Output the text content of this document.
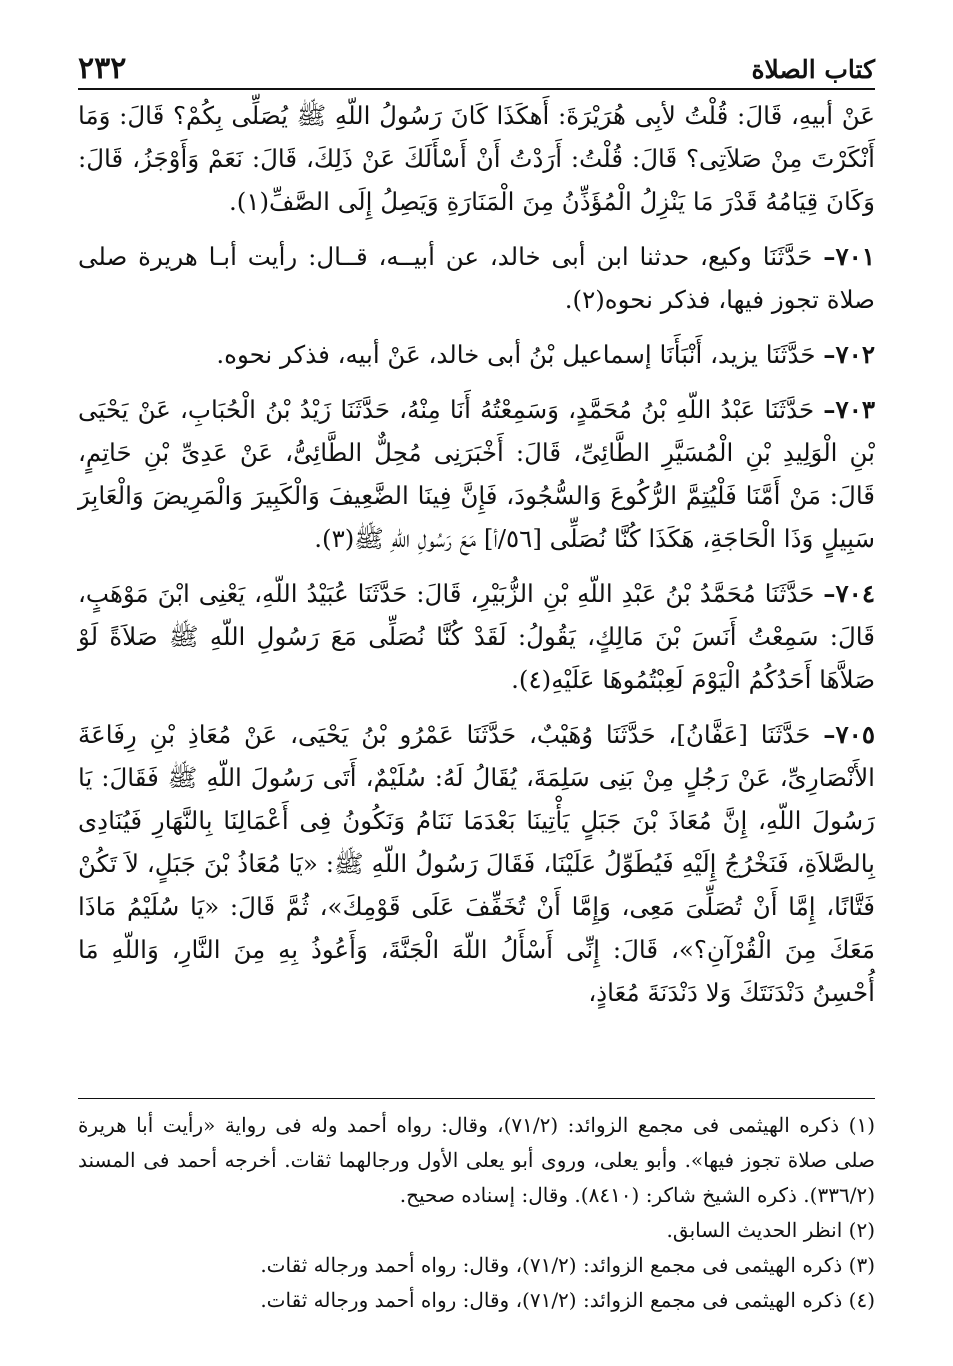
كتاب الصلاة
٢٣٢

عَنْ أبيهِ، قَالَ: قُلْتُ لأبِى هُرَيْرَةَ: أَهكَذَا كَانَ رَسُولُ اللّهِ ﷺ يُصَلِّى بِكُمْ؟ قَالَ: وَمَا أَنْكَرْتَ مِنْ صَلاَتِى؟ قَالَ: قُلْتُ: أَرَدْتُ أَنْ أَسْأَلَكَ عَنْ ذَلِكَ، قَالَ: نَعَمْ وَأَوْجَزُ، قَالَ: وَكَانَ قِيَامُهُ قَدْرَ مَا يَنْزِلُ الْمُؤَذِّنُ مِنَ الْمَنَارَةِ وَيَصِلُ إِلَى الصَّفِّ(١).

٧٠١– حَدَّثَنَا وكيع، حدثنا ابن أبى خالد، عن أبيــه، قــال: رأيت أبـا هريرة صلى صلاة تجوز فيها، فذكر نحوه(٢).

٧٠٢– حَدَّثَنَا يزيد، أَنْبَأَنَا إسماعيل بْنُ أبى خالد، عَنْ أبيه، فذكر نحوه.

٧٠٣– حَدَّثَنَا عَبْدُ اللّهِ بْنُ مُحَمَّدٍ، وَسَمِعْتُهُ أَنَا مِنْهُ، حَدَّثَنَا زَيْدُ بْنُ الْحُبَابِ، عَنْ يَحْيَى بْنِ الْوَلِيدِ بْنِ الْمُسَيَّرِ الطَّائِىِّ، قَالَ: أَخْبَرَنِى مُحِلٌّ الطَّائِىُّ، عَنْ عَدِىِّ بْنِ حَاتِمٍ، قَالَ: مَنْ أَمَّنَا فَلْيُتِمَّ الرُّكُوعَ وَالسُّجُودَ، فَإِنَّ فِينَا الضَّعِيفَ وَالْكَبِيرَ وَالْمَرِيضَ وَالْعَابِرَ سَبِيلٍ وَذَا الْحَاجَةِ، هَكَذَا كُنَّا نُصَلِّى [٥٦/أ] مَعَ رَسُولِ اللّهِ ﷺ(٣).

٧٠٤– حَدَّثَنَا مُحَمَّدُ بْنُ عَبْدِ اللّهِ بْنِ الزُّبَيْرِ، قَالَ: حَدَّثَنَا عُبَيْدُ اللّهِ، يَعْنِى ابْنَ مَوْهَبٍ، قَالَ: سَمِعْتُ أَنَسَ بْنَ مَالِكٍ، يَقُولُ: لَقَدْ كُنَّا نُصَلِّى مَعَ رَسُولِ اللّهِ ﷺ صَلاَةً لَوْ صَلاَّهَا أَحَدُكُمُ الْيَوْمَ لَعِبْتُمُوهَا عَلَيْهِ(٤).

٧٠٥– حَدَّثَنَا [عَفَّانُ]، حَدَّثَنَا وُهَيْبٌ، حَدَّثَنَا عَمْرُو بْنُ يَحْيَى، عَنْ مُعَاذِ بْنِ رِفَاعَةَ الأَنْصَارِىِّ، عَنْ رَجُلٍ مِنْ بَنِى سَلِمَةَ، يُقَالُ لَهُ: سُلَيْمٌ، أَتَى رَسُولَ اللّهِ ﷺ فَقَالَ: يَا رَسُولَ اللّهِ، إِنَّ مُعَاذَ بْنَ جَبَلٍ يَأْتِينَا بَعْدَمَا نَنَامُ وَنَكُونُ فِى أَعْمَالِنَا بِالنَّهَارِ فَيُنَادِى بِالصَّلاَةِ، فَنَخْرُجُ إِلَيْهِ فَيُطَوِّلُ عَلَيْنَا، فَقَالَ رَسُولُ اللّهِ ﷺ: «يَا مُعَاذُ بْنَ جَبَلٍ، لاَ تَكُنْ فَتَّانًا، إِمَّا أَنْ تُصَلِّىَ مَعِى، وَإِمَّا أَنْ تُخَفِّفَ عَلَى قَوْمِكَ»، ثُمَّ قَالَ: «يَا سُلَيْمُ مَاذَا مَعَكَ مِنَ الْقُرْآنِ؟»، قَالَ: إِنِّى أَسْأَلُ اللّهَ الْجَنَّةَ، وَأَعُوذُ بِهِ مِنَ النَّارِ، وَاللّهِ مَا أُحْسِنُ دَنْدَنَتَكَ وَلا دَنْدَنَةَ مُعَاذٍ،

(١) ذكره الهيثمى فى مجمع الزوائد: (٧١/٢)، وقال: رواه أحمد وله فى رواية «رأيت أبا هريرة صلى صلاة تجوز فيها». وأبو يعلى، وروى أبو يعلى الأول ورجالهما ثقات. أخرجه أحمد فى المسند (٣٣٦/٢). ذكره الشيخ شاكر: (٨٤١٠). وقال: إسناده صحيح.

(٢) انظر الحديث السابق.

(٣) ذكره الهيثمى فى مجمع الزوائد: (٧١/٢)، وقال: رواه أحمد ورجاله ثقات.

(٤) ذكره الهيثمى فى مجمع الزوائد: (٧١/٢)، وقال: رواه أحمد ورجاله ثقات.
